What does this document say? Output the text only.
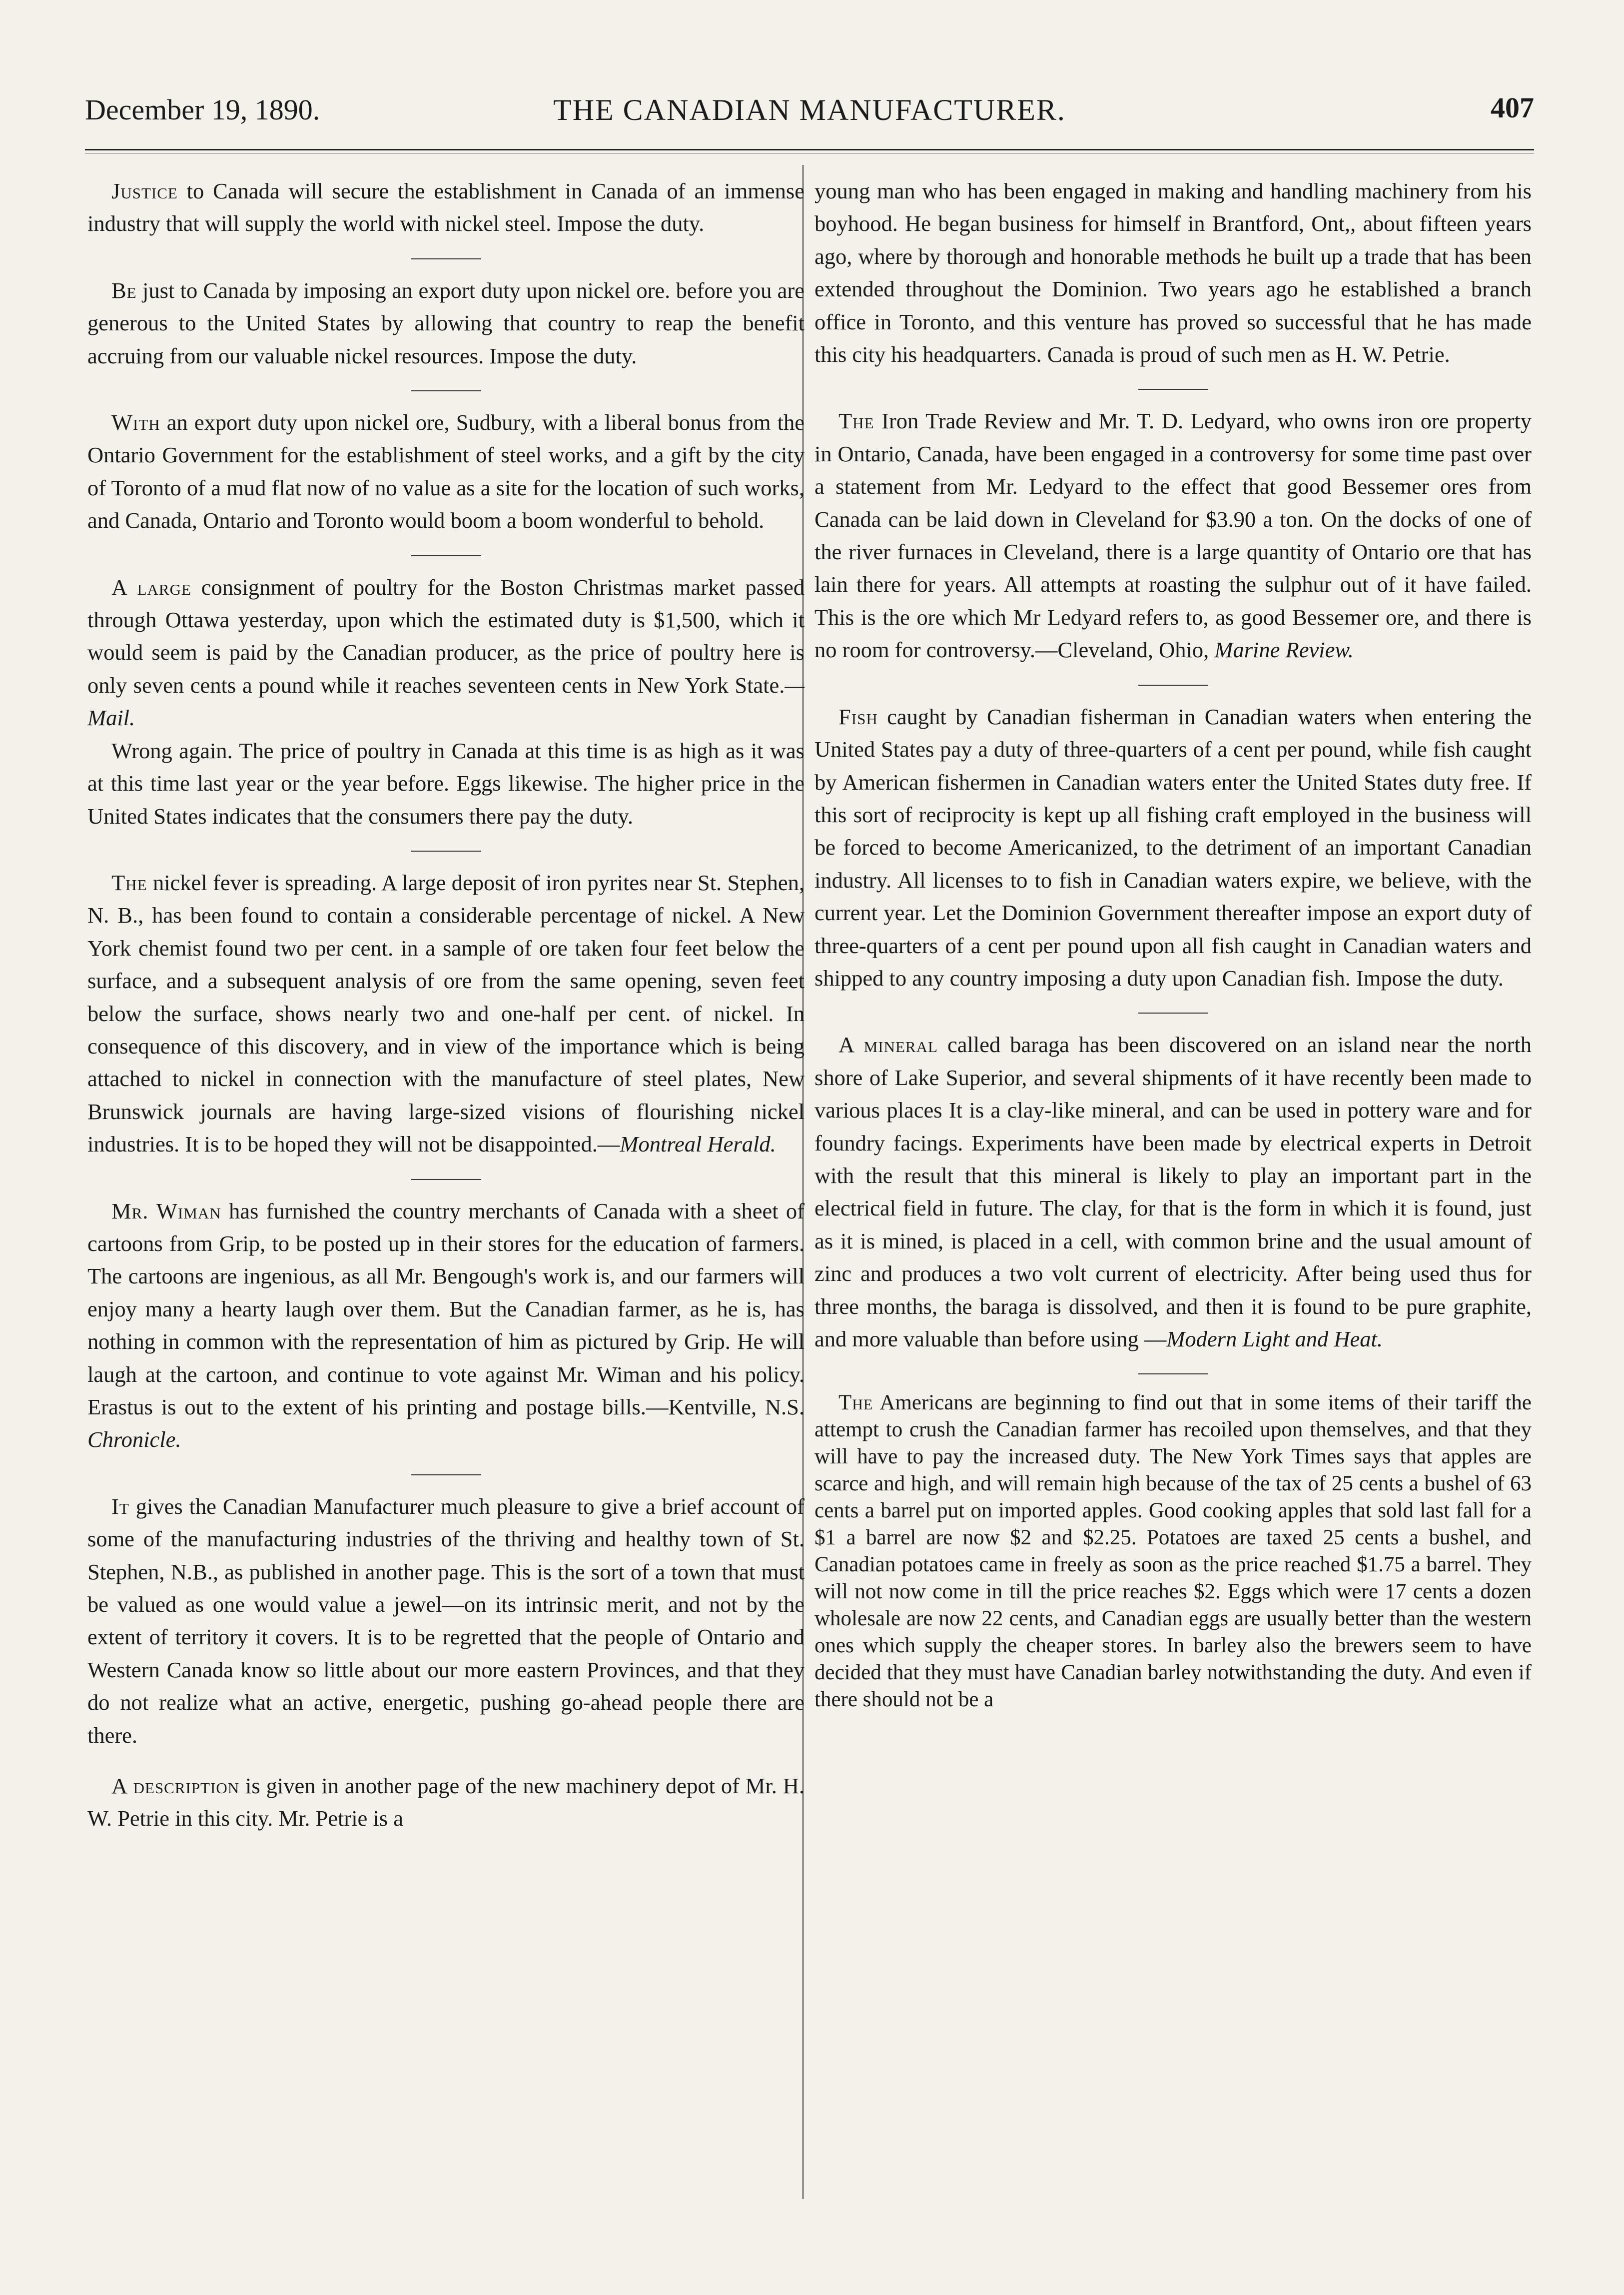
December 19, 1890.	THE CANADIAN MANUFACTURER.	407

Justice to Canada will secure the establishment in Canada of an immense industry that will supply the world with nickel steel. Impose the duty.

Be just to Canada by imposing an export duty upon nickel ore. before you are generous to the United States by allowing that country to reap the benefit accruing from our valuable nickel resources. Impose the duty.

With an export duty upon nickel ore, Sudbury, with a liberal bonus from the Ontario Government for the establishment of steel works, and a gift by the city of Toronto of a mud flat now of no value as a site for the location of such works, and Canada, Ontario and Toronto would boom a boom wonderful to behold.

A large consignment of poultry for the Boston Christmas market passed through Ottawa yesterday, upon which the estimated duty is $1,500, which it would seem is paid by the Canadian producer, as the price of poultry here is only seven cents a pound while it reaches seventeen cents in New York State.—Mail.

Wrong again. The price of poultry in Canada at this time is as high as it was at this time last year or the year before. Eggs likewise. The higher price in the United States indicates that the consumers there pay the duty.

The nickel fever is spreading. A large deposit of iron pyrites near St. Stephen, N. B., has been found to contain a considerable percentage of nickel. A New York chemist found two per cent. in a sample of ore taken four feet below the surface, and a subsequent analysis of ore from the same opening, seven feet below the surface, shows nearly two and one-half per cent. of nickel. In consequence of this discovery, and in view of the importance which is being attached to nickel in connection with the manufacture of steel plates, New Brunswick journals are having large-sized visions of flourishing nickel industries. It is to be hoped they will not be disappointed.—Montreal Herald.

Mr. Wiman has furnished the country merchants of Canada with a sheet of cartoons from Grip, to be posted up in their stores for the education of farmers. The cartoons are ingenious, as all Mr. Bengough's work is, and our farmers will enjoy many a hearty laugh over them. But the Canadian farmer, as he is, has nothing in common with the representation of him as pictured by Grip. He will laugh at the cartoon, and continue to vote against Mr. Wiman and his policy. Erastus is out to the extent of his printing and postage bills.—Kentville, N.S. Chronicle.

It gives the Canadian Manufacturer much pleasure to give a brief account of some of the manufacturing industries of the thriving and healthy town of St. Stephen, N.B., as published in another page. This is the sort of a town that must be valued as one would value a jewel—on its intrinsic merit, and not by the extent of territory it covers. It is to be regretted that the people of Ontario and Western Canada know so little about our more eastern Provinces, and that they do not realize what an active, energetic, pushing go-ahead people there are there.

A description is given in another page of the new machinery depot of Mr. H. W. Petrie in this city. Mr. Petrie is a

young man who has been engaged in making and handling machinery from his boyhood. He began business for himself in Brantford, Ont,, about fifteen years ago, where by thorough and honorable methods he built up a trade that has been extended throughout the Dominion. Two years ago he established a branch office in Toronto, and this venture has proved so successful that he has made this city his headquarters. Canada is proud of such men as H. W. Petrie.

The Iron Trade Review and Mr. T. D. Ledyard, who owns iron ore property in Ontario, Canada, have been engaged in a controversy for some time past over a statement from Mr. Ledyard to the effect that good Bessemer ores from Canada can be laid down in Cleveland for $3.90 a ton. On the docks of one of the river furnaces in Cleveland, there is a large quantity of Ontario ore that has lain there for years. All attempts at roasting the sulphur out of it have failed. This is the ore which Mr Ledyard refers to, as good Bessemer ore, and there is no room for controversy.—Cleveland, Ohio, Marine Review.

Fish caught by Canadian fisherman in Canadian waters when entering the United States pay a duty of three-quarters of a cent per pound, while fish caught by American fishermen in Canadian waters enter the United States duty free. If this sort of reciprocity is kept up all fishing craft employed in the business will be forced to become Americanized, to the detriment of an important Canadian industry. All licenses to to fish in Canadian waters expire, we believe, with the current year. Let the Dominion Government thereafter impose an export duty of three-quarters of a cent per pound upon all fish caught in Canadian waters and shipped to any country imposing a duty upon Canadian fish. Impose the duty.

A mineral called baraga has been discovered on an island near the north shore of Lake Superior, and several shipments of it have recently been made to various places It is a clay-like mineral, and can be used in pottery ware and for foundry facings. Experiments have been made by electrical experts in Detroit with the result that this mineral is likely to play an important part in the electrical field in future. The clay, for that is the form in which it is found, just as it is mined, is placed in a cell, with common brine and the usual amount of zinc and produces a two volt current of electricity. After being used thus for three months, the baraga is dissolved, and then it is found to be pure graphite, and more valuable than before using —Modern Light and Heat.

The Americans are beginning to find out that in some items of their tariff the attempt to crush the Canadian farmer has recoiled upon themselves, and that they will have to pay the increased duty. The New York Times says that apples are scarce and high, and will remain high because of the tax of 25 cents a bushel of 63 cents a barrel put on imported apples. Good cooking apples that sold last fall for a $1 a barrel are now $2 and $2.25. Potatoes are taxed 25 cents a bushel, and Canadian potatoes came in freely as soon as the price reached $1.75 a barrel. They will not now come in till the price reaches $2. Eggs which were 17 cents a dozen wholesale are now 22 cents, and Canadian eggs are usually better than the western ones which supply the cheaper stores. In barley also the brewers seem to have decided that they must have Canadian barley notwithstanding the duty. And even if there should not be a
